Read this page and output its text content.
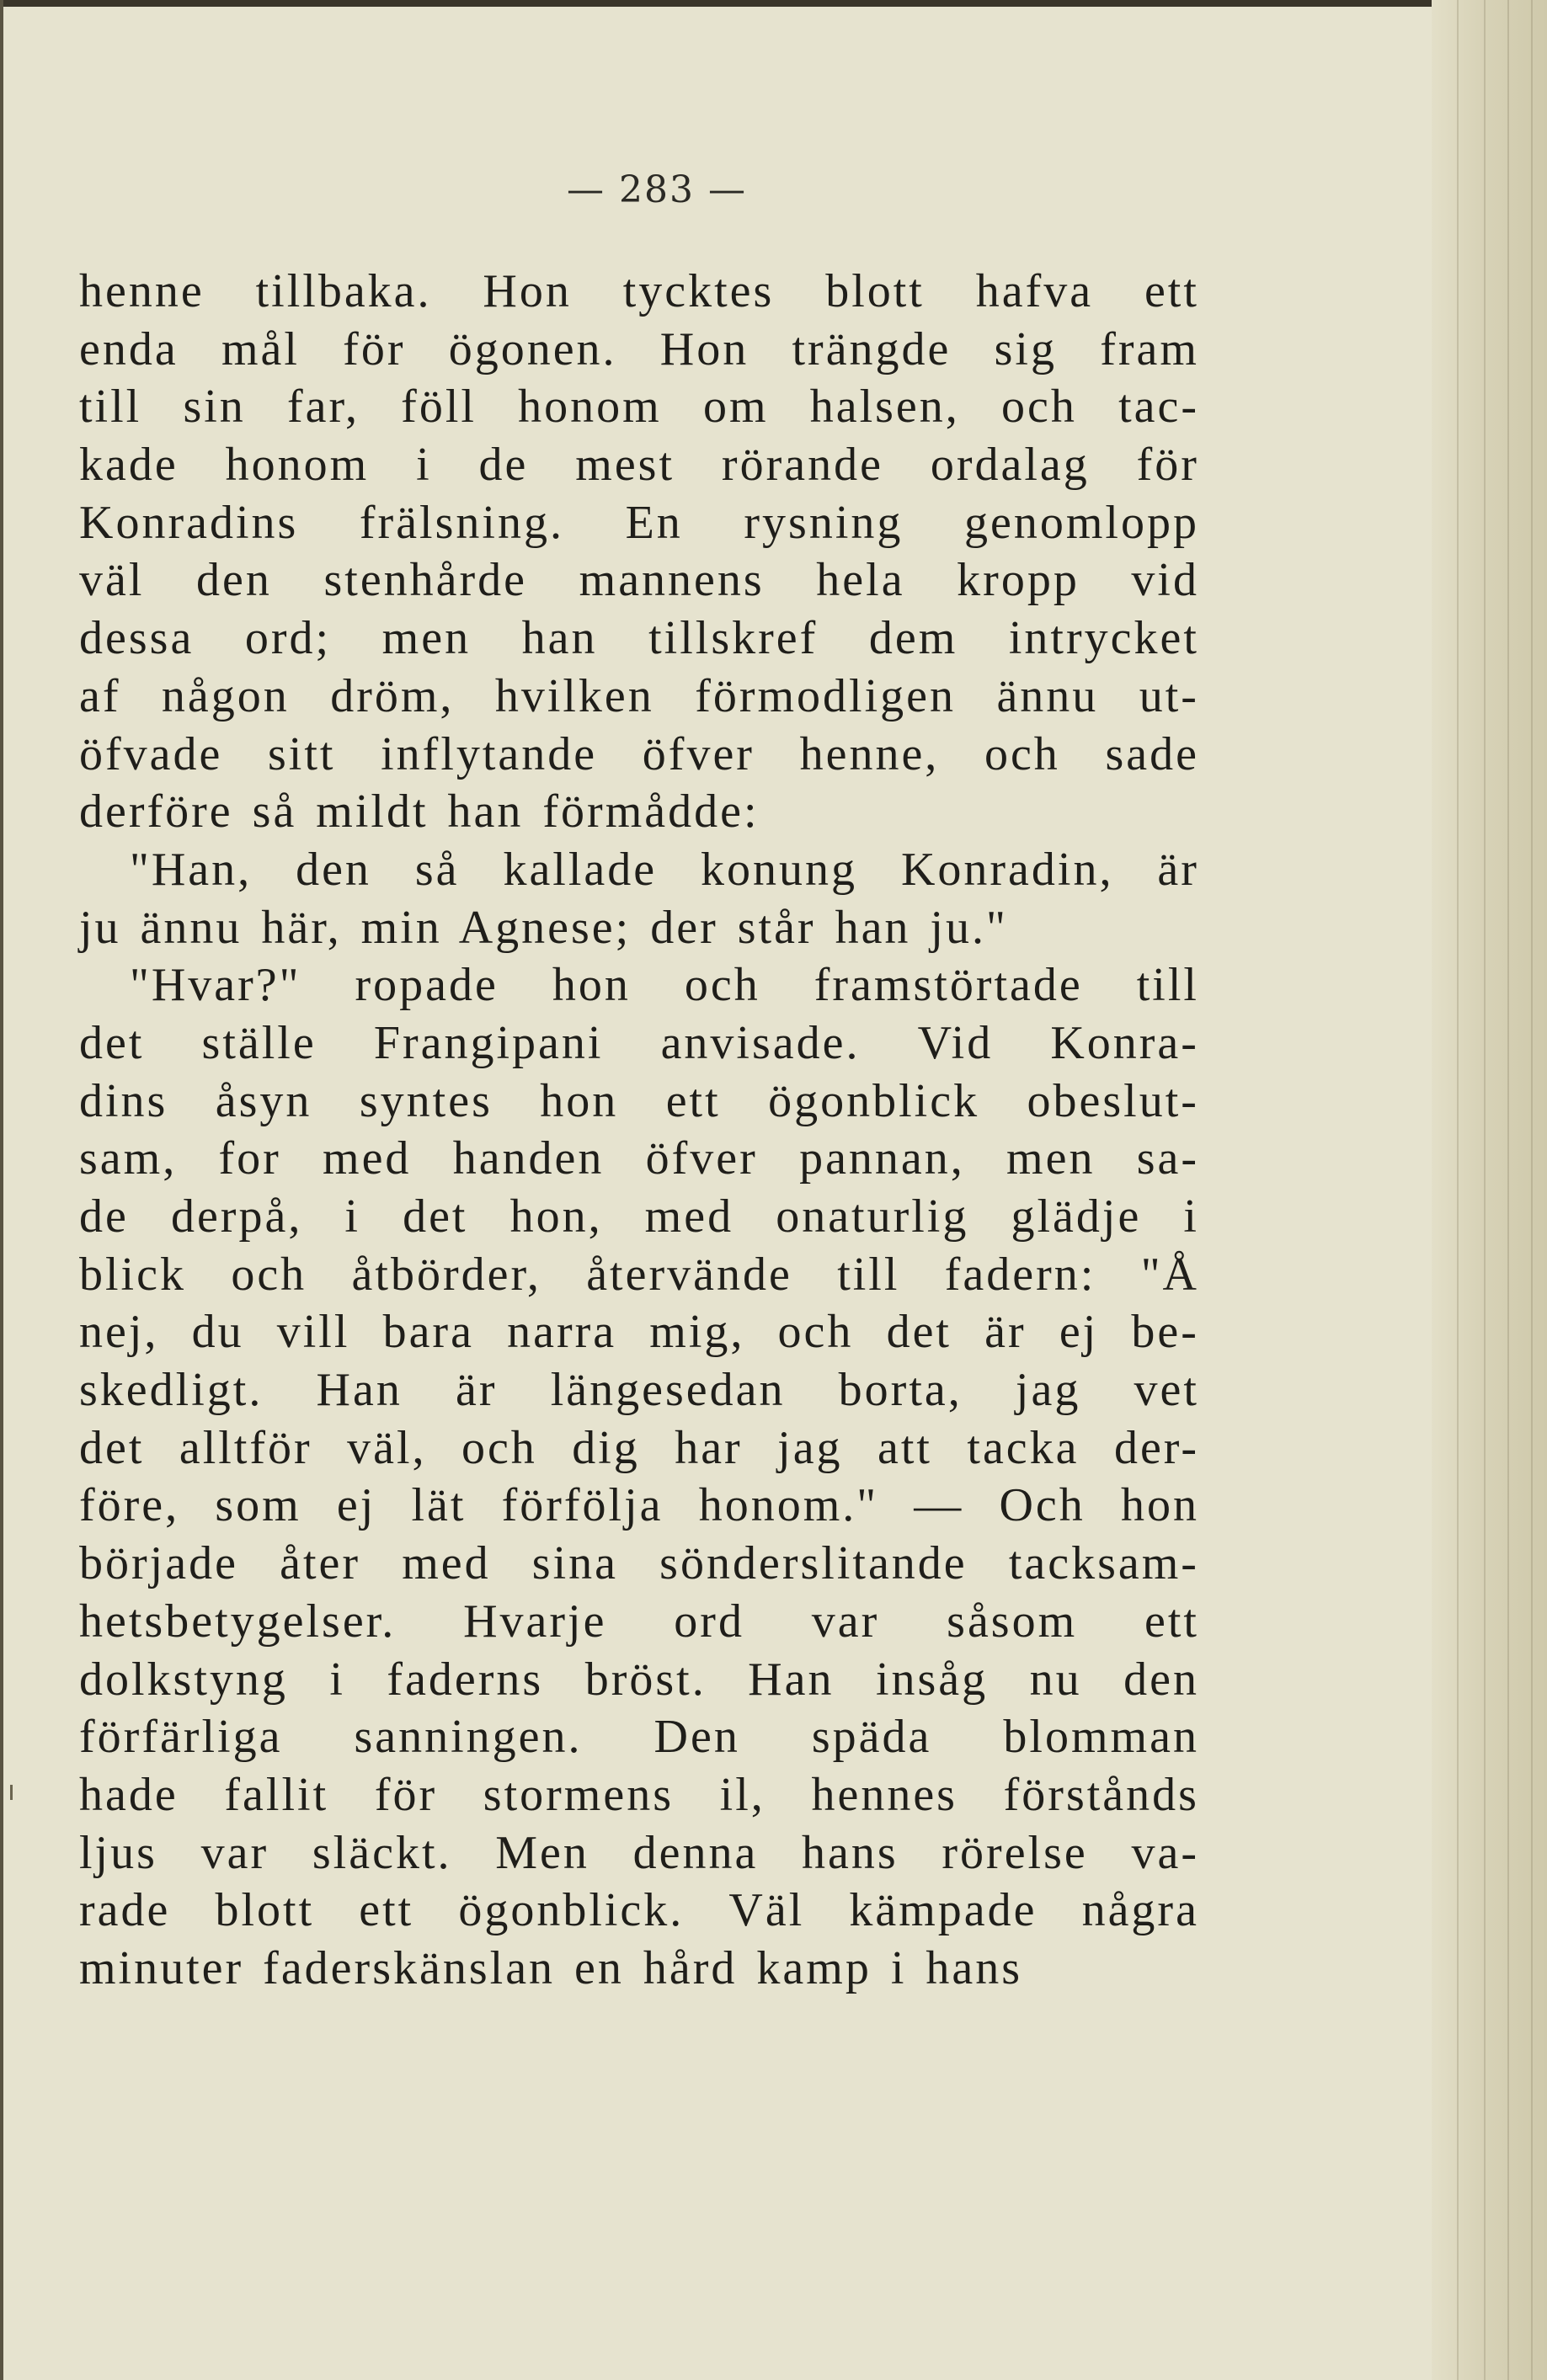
— 283 —
henne tillbaka. Hon tycktes blott hafva ett
enda mål för ögonen. Hon trängde sig fram
till sin far, föll honom om halsen, och tac-
kade honom i de mest rörande ordalag för
Konradins frälsning. En rysning genomlopp
väl den stenhårde mannens hela kropp vid
dessa ord; men han tillskref dem intrycket
af någon dröm, hvilken förmodligen ännu ut-
öfvade sitt inflytande öfver henne, och sade
derföre så mildt han förmådde:
"Han, den så kallade konung Konradin, är
ju ännu här, min Agnese; der står han ju."
"Hvar?" ropade hon och framstörtade till
det ställe Frangipani anvisade. Vid Konra-
dins åsyn syntes hon ett ögonblick obeslut-
sam, for med handen öfver pannan, men sa-
de derpå, i det hon, med onaturlig glädje i
blick och åtbörder, återvände till fadern: "Å
nej, du vill bara narra mig, och det är ej be-
skedligt. Han är längesedan borta, jag vet
det alltför väl, och dig har jag att tacka der-
före, som ej lät förfölja honom." — Och hon
började åter med sina sönderslitande tacksam-
hetsbetygelser. Hvarje ord var såsom ett
dolkstyng i faderns bröst. Han insåg nu den
förfärliga sanningen. Den späda blomman
hade fallit för stormens il, hennes förstånds
ljus var släckt. Men denna hans rörelse va-
rade blott ett ögonblick. Väl kämpade några
minuter faderskänslan en hård kamp i hans
